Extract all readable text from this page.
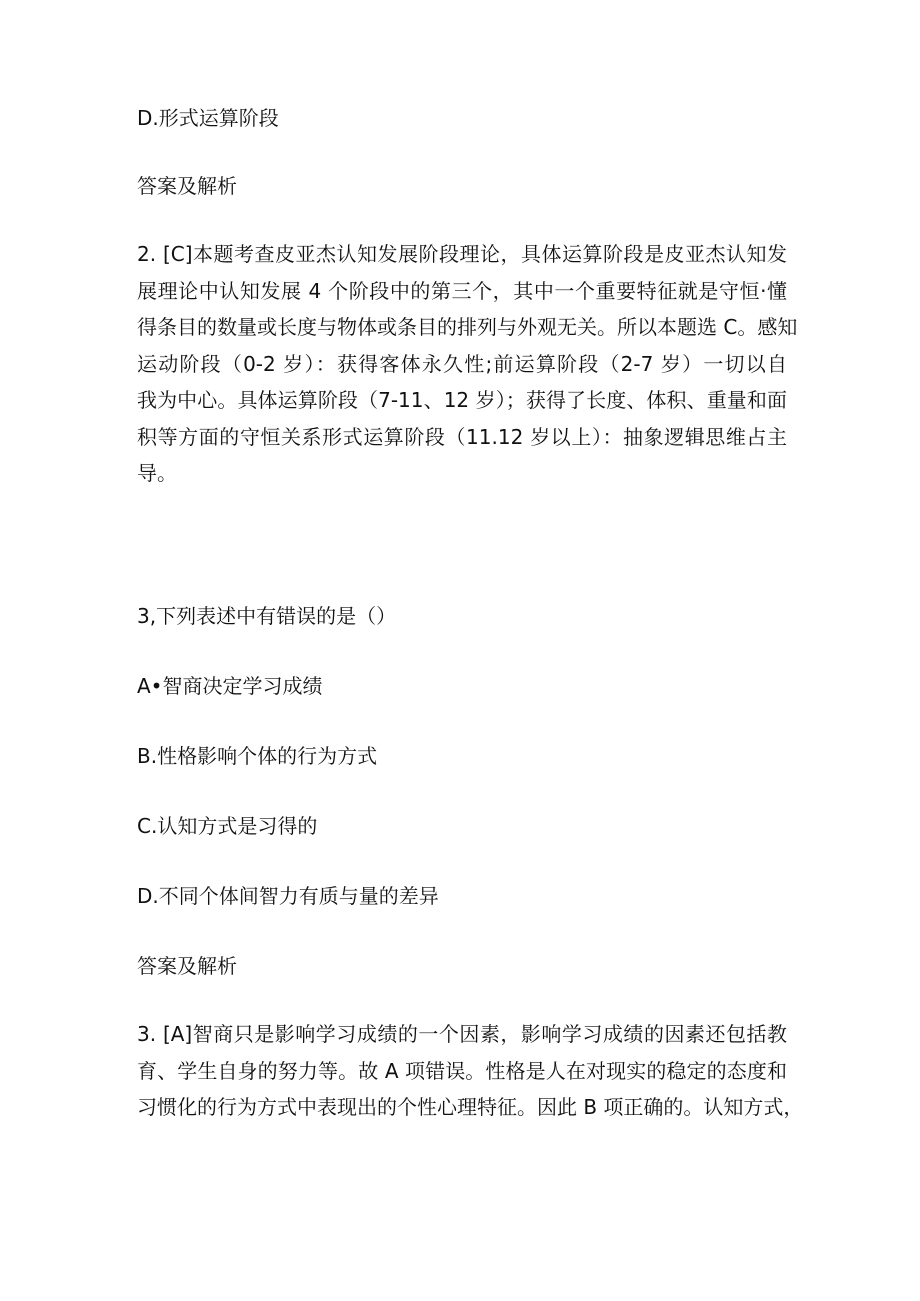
D.形式运算阶段

答案及解析

2. [C]本题考查皮亚杰认知发展阶段理论，具体运算阶段是皮亚杰认知发
展理论中认知发展 4 个阶段中的第三个，其中一个重要特征就是守恒·懂
得条目的数量或长度与物体或条目的排列与外观无关。所以本题选 C。感知
运动阶段（0-2 岁）：获得客体永久性;前运算阶段（2-7 岁）一切以自
我为中心。具体运算阶段（7-11、12 岁）；获得了长度、体积、重量和面
积等方面的守恒关系形式运算阶段（11.12 岁以上）：抽象逻辑思维占主
导。

3,下列表述中有错误的是（）

A•智商决定学习成绩

B.性格影响个体的行为方式

C.认知方式是习得的

D.不同个体间智力有质与量的差异

答案及解析

3. [A]智商只是影响学习成绩的一个因素，影响学习成绩的因素还包括教
育、学生自身的努力等。故 A 项错误。性格是人在对现实的稳定的态度和
习惯化的行为方式中表现出的个性心理特征。因此 B 项正确的。认知方式，
